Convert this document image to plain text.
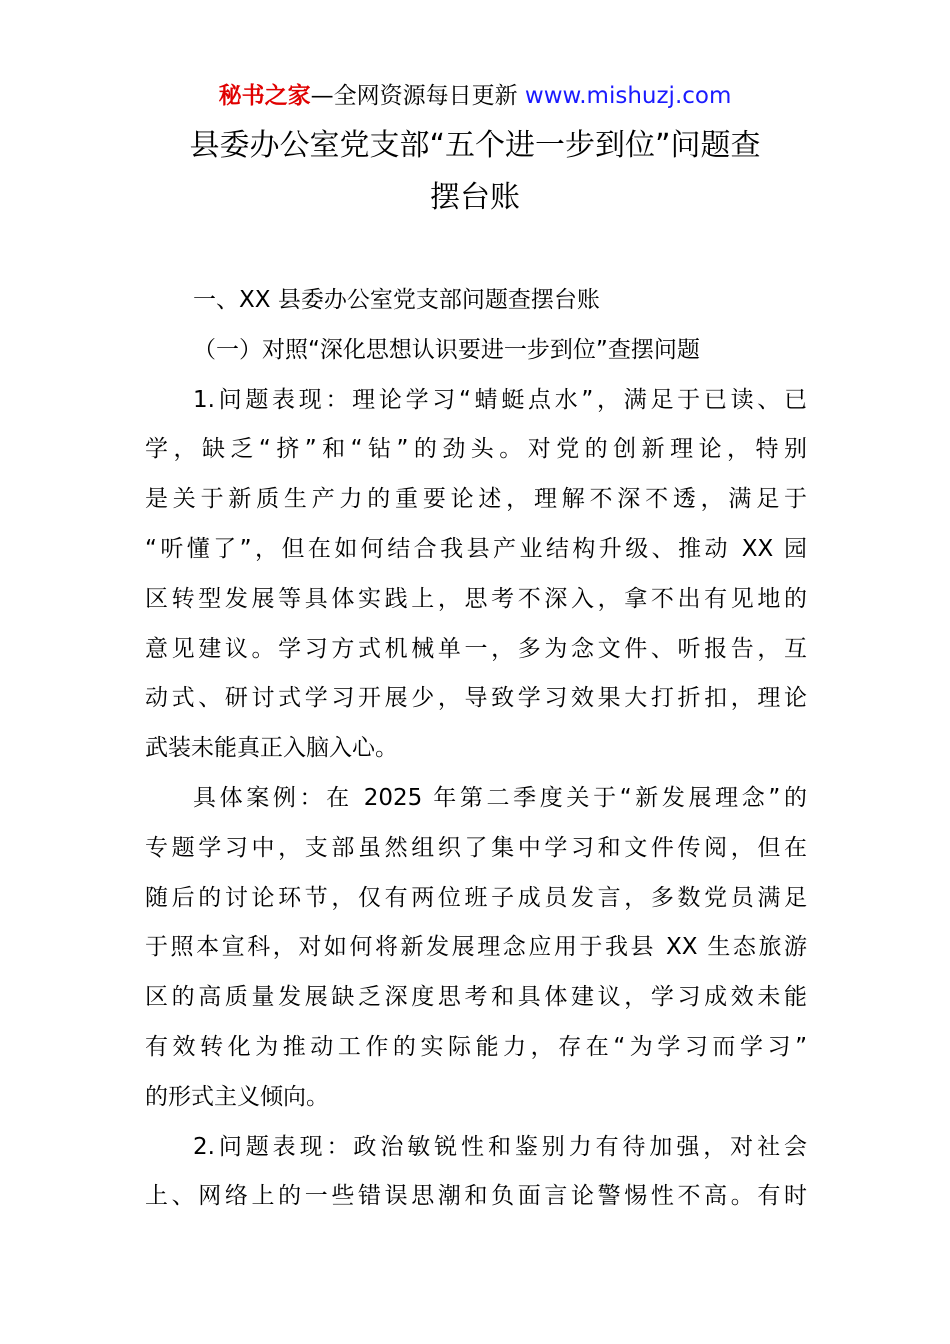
秘书之家—全网资源每日更新 www.mishuzj.com
县委办公室党支部“五个进一步到位”问题查
摆台账
一、XX 县委办公室党支部问题查摆台账
（一）对照“深化思想认识要进一步到位”查摆问题
1.问题表现：理论学习“蜻蜓点水”，满足于已读、已
学，缺乏“挤”和“钻”的劲头。对党的创新理论，特别
是关于新质生产力的重要论述，理解不深不透，满足于
“听懂了”，但在如何结合我县产业结构升级、推动 XX 园
区转型发展等具体实践上，思考不深入，拿不出有见地的
意见建议。学习方式机械单一，多为念文件、听报告，互
动式、研讨式学习开展少，导致学习效果大打折扣，理论
武装未能真正入脑入心。
具体案例：在 2025 年第二季度关于“新发展理念”的
专题学习中，支部虽然组织了集中学习和文件传阅，但在
随后的讨论环节，仅有两位班子成员发言，多数党员满足
于照本宣科，对如何将新发展理念应用于我县 XX 生态旅游
区的高质量发展缺乏深度思考和具体建议，学习成效未能
有效转化为推动工作的实际能力，存在“为学习而学习”
的形式主义倾向。
2.问题表现：政治敏锐性和鉴别力有待加强，对社会
上、网络上的一些错误思潮和负面言论警惕性不高。有时
